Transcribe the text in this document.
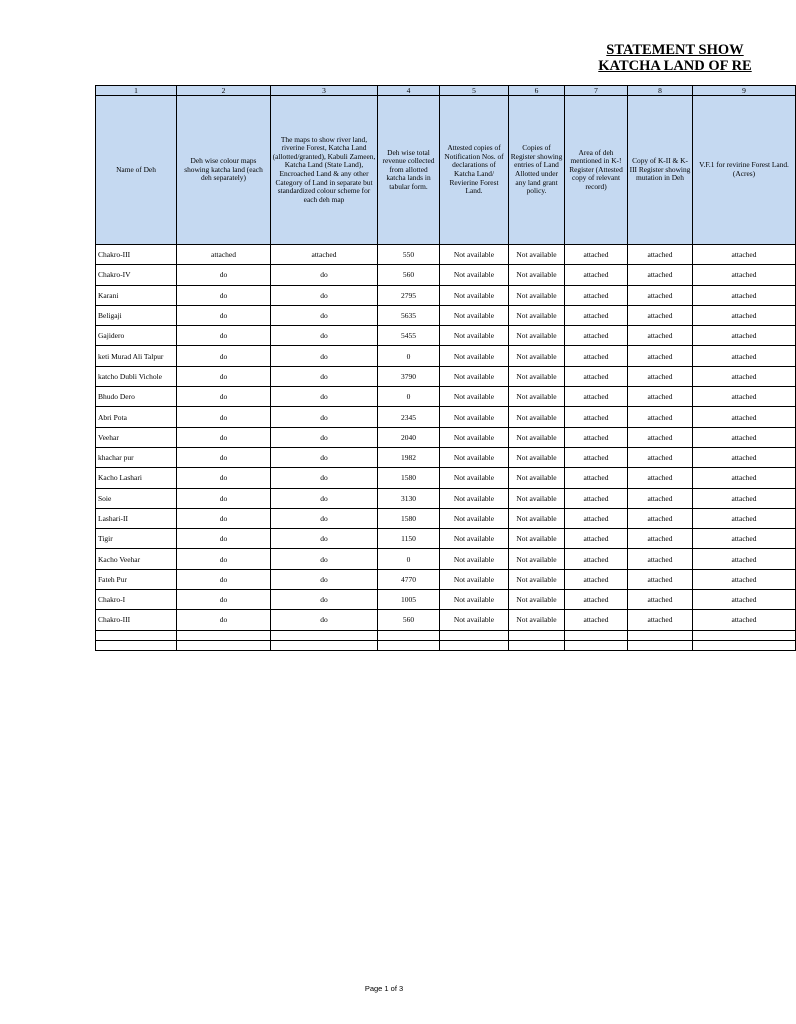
STATEMENT SHOW
KATCHA LAND OF RE
1	2	3	4	5	6	7	8	9
Name of Deh	Deh wise colour maps showing katcha land (each deh separately)	The maps to show river land, riverine Forest, Katcha Land (allotted/granted), Kabuli Zameen, Katcha Land (State Land), Encroached Land & any other Category of Land in separate but standardized colour scheme for each deh map	Deh wise total revenue collected from allotted katcha lands in tabular form.	Attested copies of Notification Nos. of declarations of Katcha Land/ Revierine Forest Land.	Copies of Register showing entries of Land Allotted under any land grant policy.	Area of deh mentioned in K-! Register (Attested copy of relevant record)	Copy of K-II & K-III Register showing mutation in Deh	V.F.1 for revirine Forest Land. (Acres)
Chakro-III	attached	attached	550	Not available	Not available	attached	attached	attached
Chakro-IV	do	do	560	Not available	Not available	attached	attached	attached
Karani	do	do	2795	Not available	Not available	attached	attached	attached
Beligaji	do	do	5635	Not available	Not available	attached	attached	attached
Gajidero	do	do	5455	Not available	Not available	attached	attached	attached
keti Murad Ali Talpur	do	do	0	Not available	Not available	attached	attached	attached
katcho Dubli Vichole	do	do	3790	Not available	Not available	attached	attached	attached
Bhudo Dero	do	do	0	Not available	Not available	attached	attached	attached
Abri Pota	do	do	2345	Not available	Not available	attached	attached	attached
Veehar	do	do	2040	Not available	Not available	attached	attached	attached
khachar pur	do	do	1982	Not available	Not available	attached	attached	attached
Kacho Lashari	do	do	1580	Not available	Not available	attached	attached	attached
Soie	do	do	3130	Not available	Not available	attached	attached	attached
Lashari-II	do	do	1580	Not available	Not available	attached	attached	attached
Tigir	do	do	1150	Not available	Not available	attached	attached	attached
Kacho Veehar	do	do	0	Not available	Not available	attached	attached	attached
Fateh Pur	do	do	4770	Not available	Not available	attached	attached	attached
Chakro-I	do	do	1005	Not available	Not available	attached	attached	attached
Chakro-III	do	do	560	Not available	Not available	attached	attached	attached

Page 1 of 3
